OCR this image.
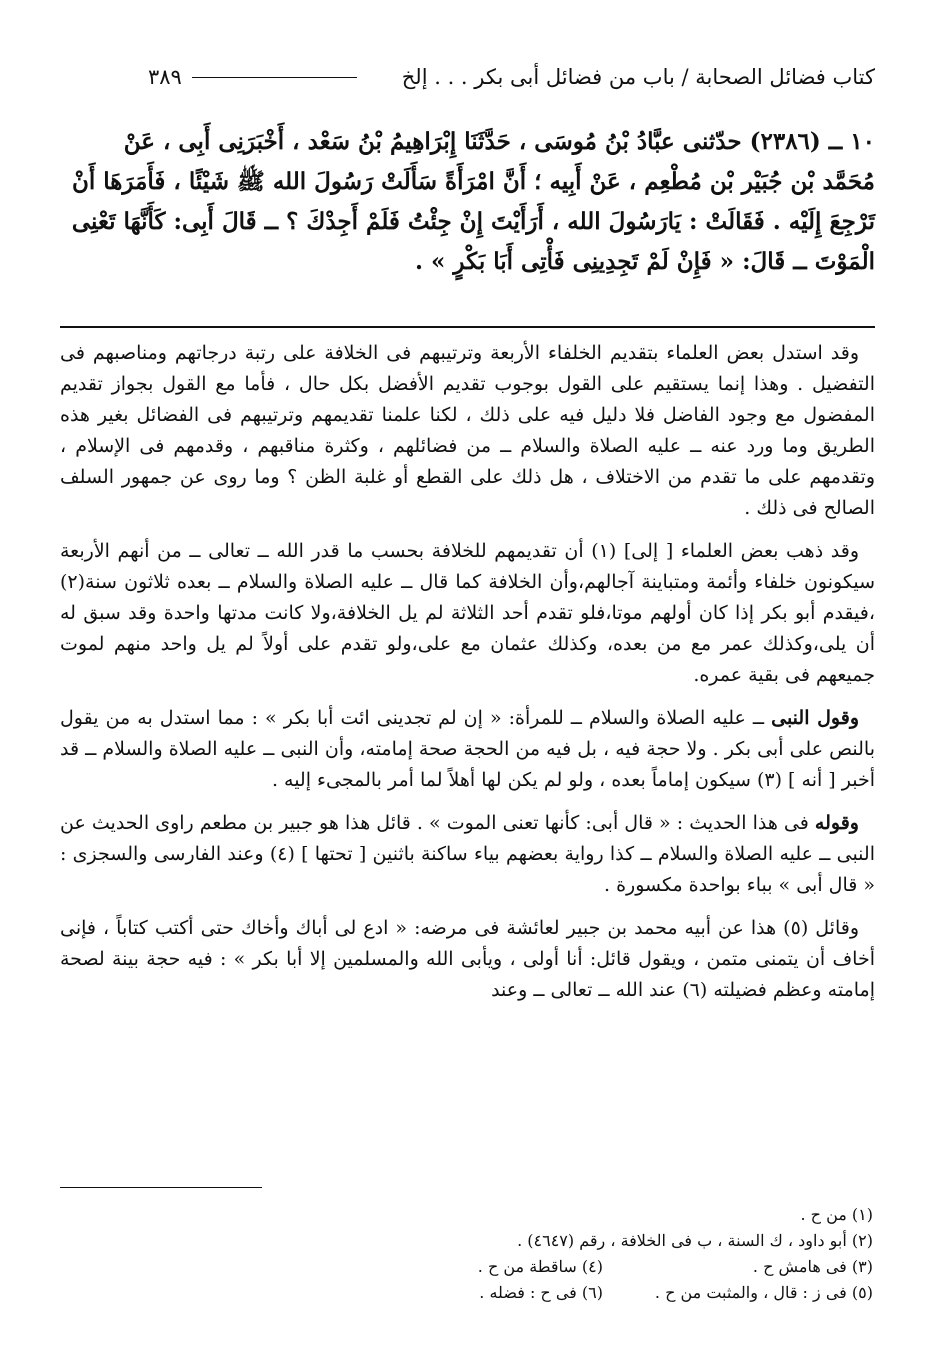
كتاب فضائل الصحابة / باب من فضائل أبى بكر . . . إلخ
٣٨٩

١٠ ــ (٢٣٨٦) حدّثنى عبَّادُ بْنُ مُوسَى ، حَدَّثَنَا إِبْرَاهِيمُ بْنُ سَعْد ، أَخْبَرَنِى أَبِى ، عَنْ

مُحَمَّد بْن جُبَيْر بْن مُطْعِم ، عَنْ أَبِيه ؛ أَنَّ امْرَأَةً سَأَلَتْ رَسُولَ الله ﷺ شَيْئًا ، فَأَمَرَهَا أَنْ

تَرْجِعَ إِلَيْه . فَقَالَتْ : يَارَسُولَ الله ، أَرَأَيْتَ إِنْ جِئْتُ فَلَمْ أَجِدْكَ ؟ ــ قَالَ أَبِى: كَأَنَّهَا تَعْنِى

الْمَوْتَ ــ قَالَ: « فَإِنْ لَمْ تَجِدِينِى فَأْتِى أَبَا بَكْرٍ » .

وقد استدل بعض العلماء بتقديم الخلفاء الأربعة وترتيبهم فى الخلافة على رتبة درجاتهم ومناصبهم فى التفضيل . وهذا إنما يستقيم على القول بوجوب تقديم الأفضل بكل حال ، فأما مع القول بجواز تقديم المفضول مع وجود الفاضل فلا دليل فيه على ذلك ، لكنا علمنا تقديمهم وترتيبهم فى الفضائل بغير هذه الطريق وما ورد عنه ــ عليه الصلاة والسلام ــ من فضائلهم ، وكثرة مناقبهم ، وقدمهم فى الإسلام ، وتقدمهم على ما تقدم من الاختلاف ، هل ذلك على القطع أو غلبة الظن ؟ وما روى عن جمهور السلف الصالح فى ذلك .

وقد ذهب بعض العلماء [ إلى] (١) أن تقديمهم للخلافة بحسب ما قدر الله ــ تعالى ــ من أنهم الأربعة سيكونون خلفاء وأئمة ومتباينة آجالهم،وأن الخلافة كما قال ــ عليه الصلاة والسلام ــ بعده ثلاثون سنة(٢) ،فيقدم أبو بكر إذا كان أولهم موتا،فلو تقدم أحد الثلاثة لم يل الخلافة،ولا كانت مدتها واحدة وقد سبق له أن يلى،وكذلك عمر مع من بعده، وكذلك عثمان مع على،ولو تقدم على أولاً لم يل واحد منهم لموت جميعهم فى بقية عمره.

وقول النبى ــ عليه الصلاة والسلام ــ للمرأة: « إن لم تجدينى ائت أبا بكر » : مما استدل به من يقول بالنص على أبى بكر . ولا حجة فيه ، بل فيه من الحجة صحة إمامته، وأن النبى ــ عليه الصلاة والسلام ــ قد أخبر [ أنه ] (٣) سيكون إماماً بعده ، ولو لم يكن لها أهلاً لما أمر بالمجىء إليه .

وقوله فى هذا الحديث : « قال أبى: كأنها تعنى الموت » . قائل هذا هو جبير بن مطعم راوى الحديث عن النبى ــ عليه الصلاة والسلام ــ كذا رواية بعضهم بياء ساكنة باثنين [ تحتها ] (٤) وعند الفارسى والسجزى : « قال أبى » بباء بواحدة مكسورة .

وقائل (٥) هذا عن أبيه محمد بن جبير لعائشة فى مرضه: « ادع لى أباك وأخاك حتى أكتب كتاباً ، فإنى أخاف أن يتمنى متمن ، ويقول قائل: أنا أولى ، ويأبى الله والمسلمين إلا أبا بكر » : فيه حجة بينة لصحة إمامته وعظم فضيلته (٦) عند الله ــ تعالى ــ وعند

(١) من ح .
(٢) أبو داود ، ك السنة ، ب فى الخلافة ، رقم (٤٦٤٧) .
(٣) فى هامش ح .
(٤) ساقطة من ح .
(٥) فى ز : قال ، والمثبت من ح .
(٦) فى ح : فضله .
